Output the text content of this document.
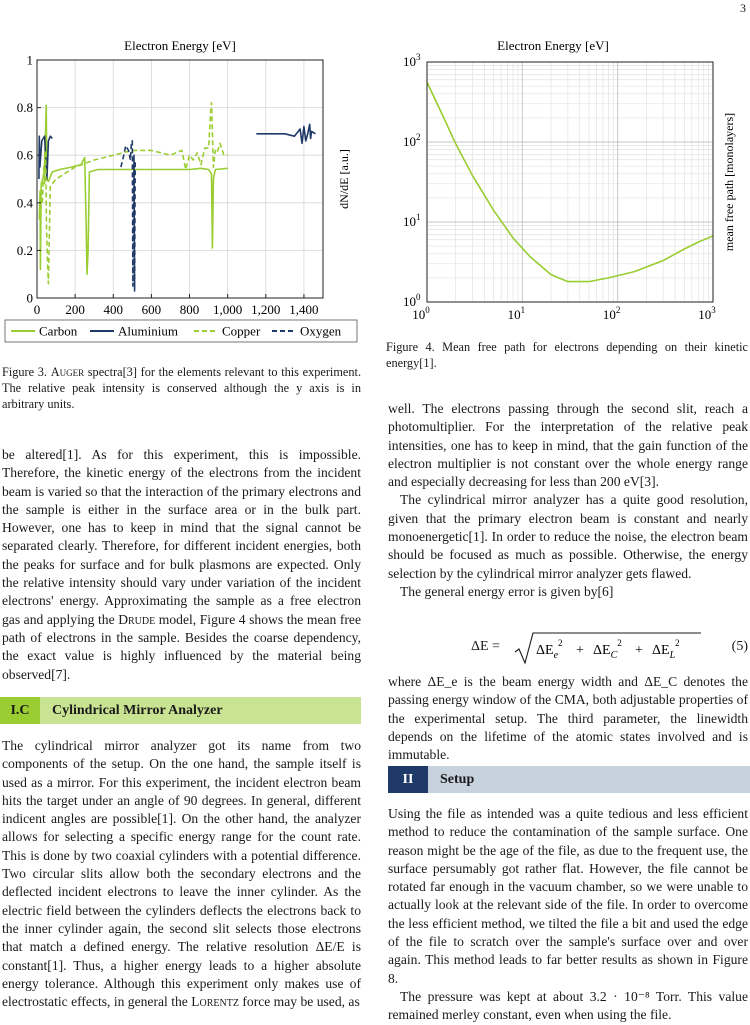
3
Electron Energy [eV]
0 200 400 600 800 1,000 1,200 1,400
0
0.2
0.4
0.6
0.8
1
dN/dE [a.u.]
Carbon	Aluminium	Copper	Oxygen
Figure 3. Auger spectra[3] for the elements relevant to this experiment. The relative peak intensity is conserved although the y axis is in arbitrary units.
Electron Energy [eV]
$10^0$
$10^0$
$10^1$
$10^1$
$10^2$
$10^2$
$10^3$
$10^3$
mean free path [monolayers]
Figure 4. Mean free path for electrons depending on their kinetic energy[1].

be altered[1]. As for this experiment, this is impossible. Therefore, the kinetic energy of the electrons from the incident beam is varied so that the interaction of the primary electrons and the sample is either in the surface area or in the bulk part. However, one has to keep in mind that the signal cannot be separated clearly. Therefore, for different incident energies, both the peaks for surface and for bulk plasmons are expected. Only the relative intensity should vary under variation of the incident electrons' energy. Approximating the sample as a free electron gas and applying the Drude model, Figure 4 shows the mean free path of electrons in the sample. Besides the coarse dependency, the exact value is highly influenced by the material being observed[7].

I.C	Cylindrical Mirror Analyzer

The cylindrical mirror analyzer got its name from two components of the setup. On the one hand, the sample itself is used as a mirror. For this experiment, the incident electron beam hits the target under an angle of 90 degrees. In general, different indicent angles are possible[1]. On the other hand, the analyzer allows for selecting a specific energy range for the count rate. This is done by two coaxial cylinders with a potential difference. Two circular slits allow both the secondary electrons and the deflected incident electrons to leave the inner cylinder. As the electric field between the cylinders deflects the electrons back to the inner cylinder again, the second slit selects those electrons that match a defined energy. The relative resolution ΔE/E is constant[1]. Thus, a higher energy leads to a higher absolute energy tolerance. Although this experiment only makes use of electrostatic effects, in general the Lorentz force may be used, as

well. The electrons passing through the second slit, reach a photomultiplier. For the interpretation of the relative peak intensities, one has to keep in mind, that the gain function of the electron multiplier is not constant over the whole energy range and especially decreasing for less than 200 eV[3].

The cylindrical mirror analyzer has a quite good resolution, given that the primary electron beam is constant and nearly monoenergetic[1]. In order to reduce the noise, the electron beam should be focused as much as possible. Otherwise, the energy selection by the cylindrical mirror analyzer gets flawed.

The general energy error is given by[6]

ΔE =	$\Delta E_e^2 + \Delta E_C^2 + \Delta E_L^2$	(5)

where ΔE_e is the beam energy width and ΔE_C denotes the passing energy window of the CMA, both adjustable properties of the experimental setup. The third parameter, the linewidth depends on the lifetime of the atomic states involved and is immutable.

II	Setup

Using the file as intended was a quite tedious and less efficient method to reduce the contamination of the sample surface. One reason might be the age of the file, as due to the frequent use, the surface persumably got rather flat. However, the file cannot be rotated far enough in the vacuum chamber, so we were unable to actually look at the relevant side of the file. In order to overcome the less efficient method, we tilted the file a bit and used the edge of the file to scratch over the sample's surface over and over again. This method leads to far better results as shown in Figure 8.

The pressure was kept at about 3.2 · 10⁻⁸ Torr. This value remained merley constant, even when using the file.
